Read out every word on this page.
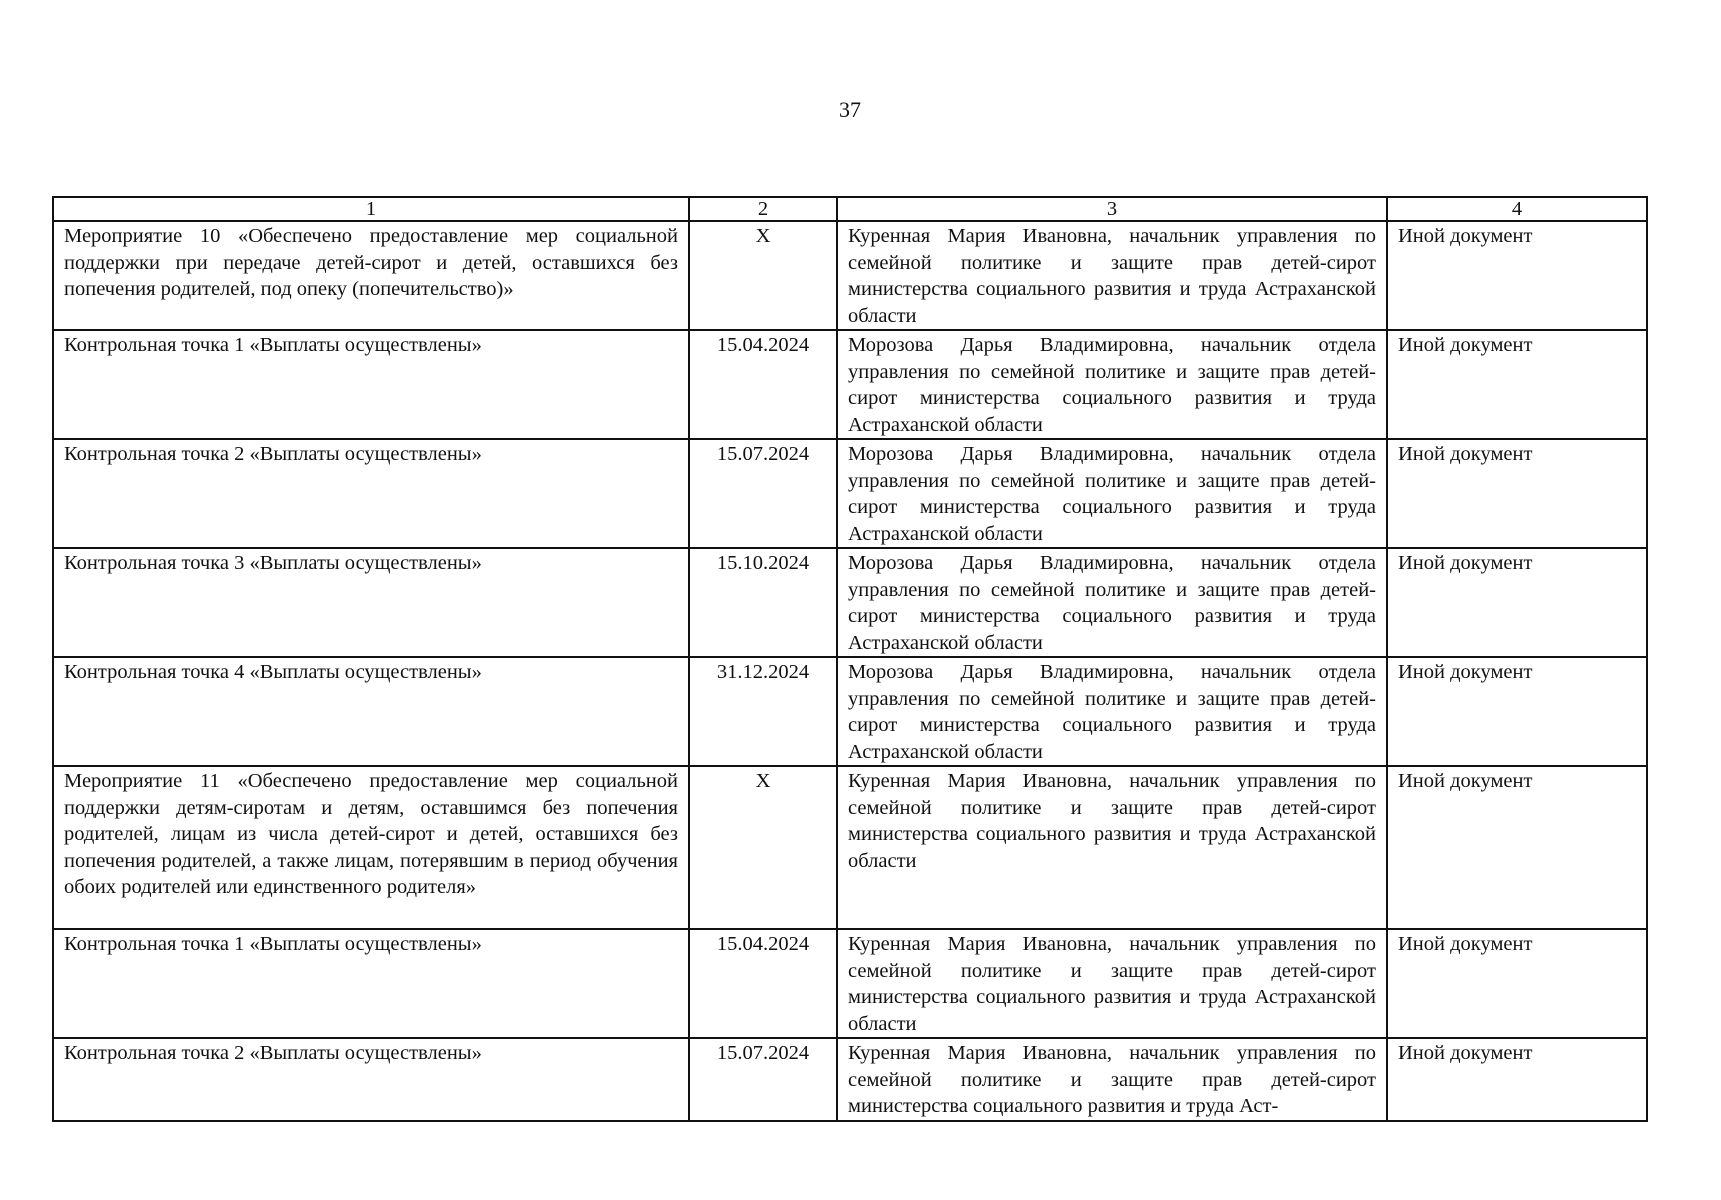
37
1	2	3	4
Мероприятие 10 «Обеспечено предоставление мер социальной поддержки при передаче детей-сирот и детей, оставшихся без попечения родителей, под опеку (попечительство)»	X	Куренная Мария Ивановна, начальник управления по семейной политике и защите прав детей-сирот министерства социального развития и труда Астраханской области	Иной документ
Контрольная точка 1 «Выплаты осуществлены»	15.04.2024	Морозова Дарья Владимировна, начальник отдела управления по семейной политике и защите прав детей-сирот министерства социального развития и труда Астраханской области	Иной документ
Контрольная точка 2 «Выплаты осуществлены»	15.07.2024	Морозова Дарья Владимировна, начальник отдела управления по семейной политике и защите прав детей-сирот министерства социального развития и труда Астраханской области	Иной документ
Контрольная точка 3 «Выплаты осуществлены»	15.10.2024	Морозова Дарья Владимировна, начальник отдела управления по семейной политике и защите прав детей-сирот министерства социального развития и труда Астраханской области	Иной документ
Контрольная точка 4 «Выплаты осуществлены»	31.12.2024	Морозова Дарья Владимировна, начальник отдела управления по семейной политике и защите прав детей-сирот министерства социального развития и труда Астраханской области	Иной документ
Мероприятие 11 «Обеспечено предоставление мер социальной поддержки детям-сиротам и детям, оставшимся без попечения родителей, лицам из числа детей-сирот и детей, оставшихся без попечения родителей, а также лицам, потерявшим в период обучения обоих родителей или единственного родителя»	X	Куренная Мария Ивановна, начальник управления по семейной политике и защите прав детей-сирот министерства социального развития и труда Астраханской области	Иной документ
Контрольная точка 1 «Выплаты осуществлены»	15.04.2024	Куренная Мария Ивановна, начальник управления по семейной политике и защите прав детей-сирот министерства социального развития и труда Астраханской области	Иной документ
Контрольная точка 2 «Выплаты осуществлены»	15.07.2024	Куренная Мария Ивановна, начальник управления по семейной политике и защите прав детей-сирот министерства социального развития и труда Аст-	Иной документ
